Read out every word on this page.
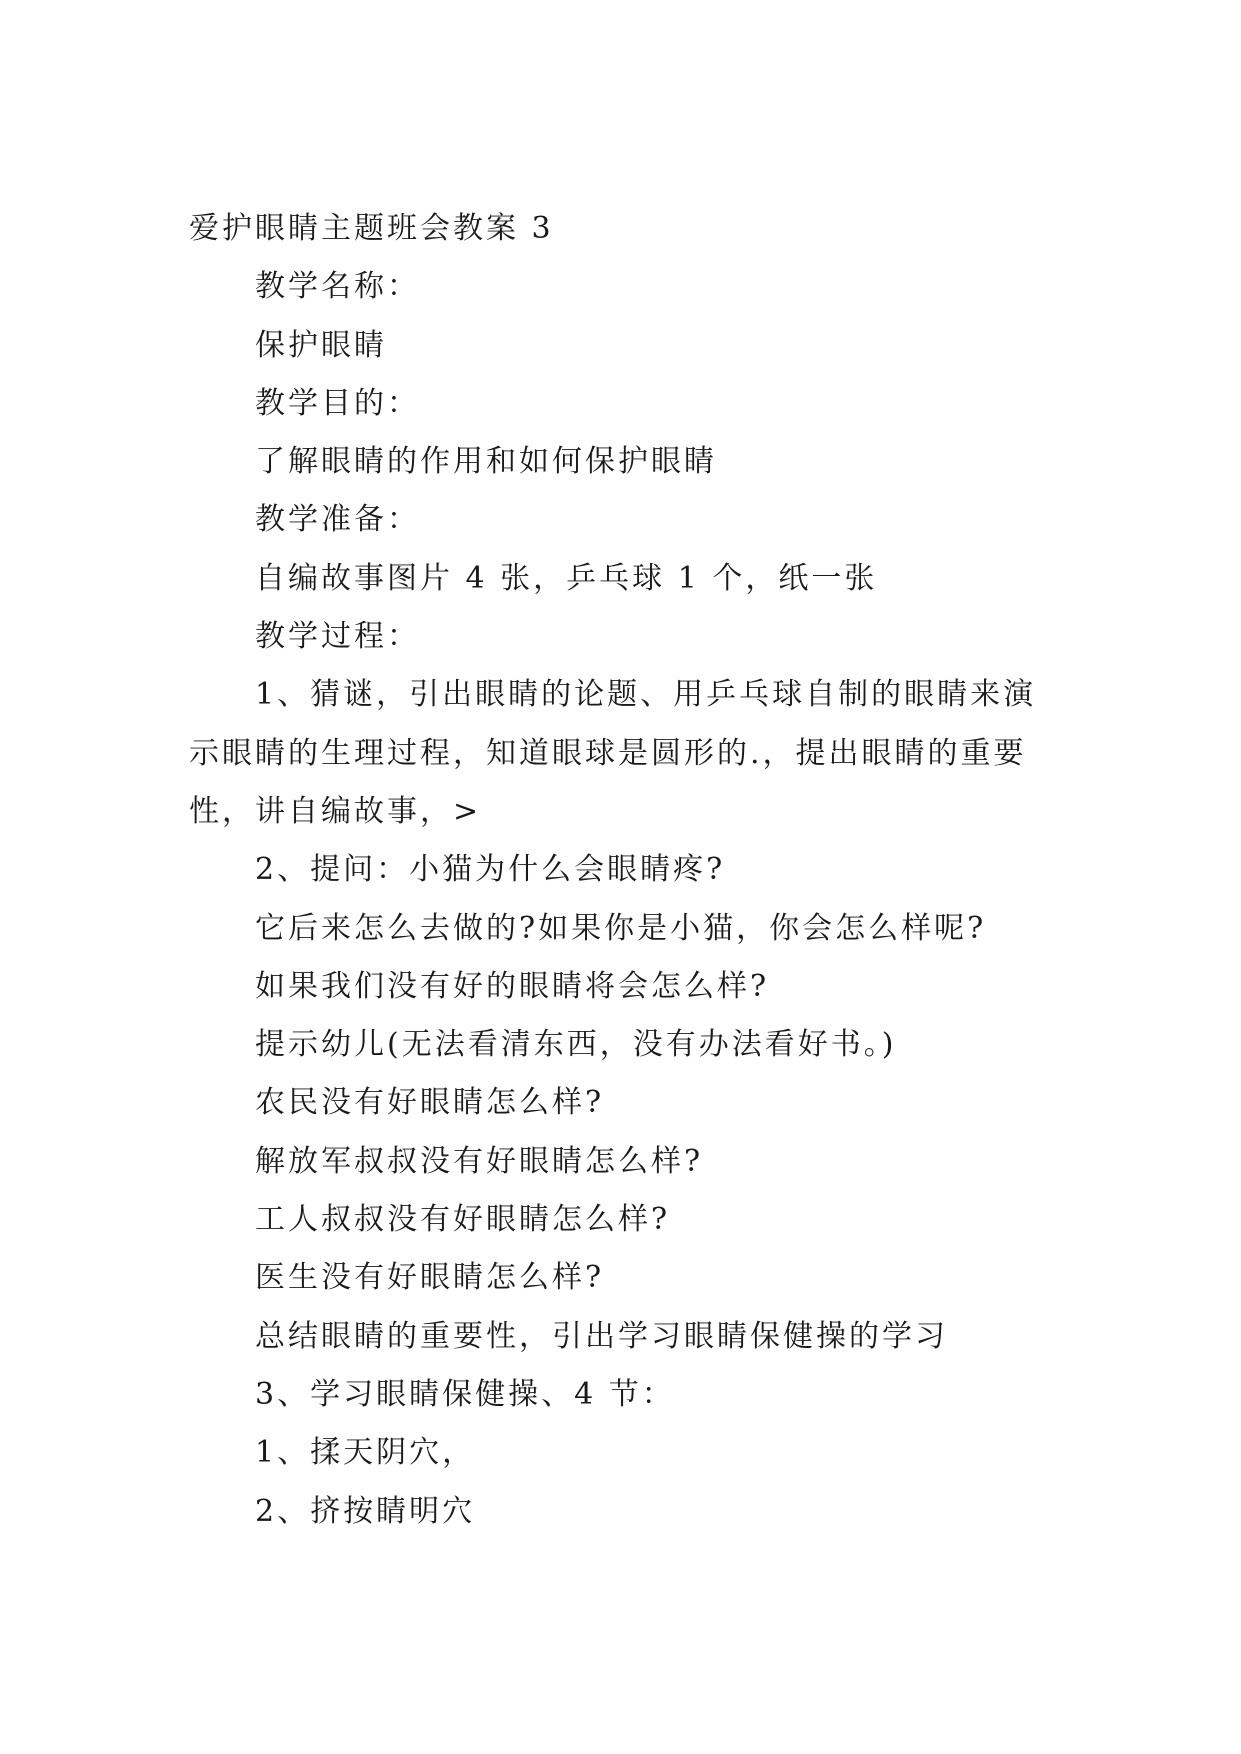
爱护眼睛主题班会教案 3
教学名称：
保护眼睛
教学目的：
了解眼睛的作用和如何保护眼睛
教学准备：
自编故事图片 4 张，乒乓球 1 个，纸一张
教学过程：
1、猜谜，引出眼睛的论题、用乒乓球自制的眼睛来演
示眼睛的生理过程，知道眼球是圆形的.，提出眼睛的重要
性，讲自编故事，>
2、提问：小猫为什么会眼睛疼?
它后来怎么去做的?如果你是小猫，你会怎么样呢?
如果我们没有好的眼睛将会怎么样?
提示幼儿(无法看清东西，没有办法看好书。)
农民没有好眼睛怎么样?
解放军叔叔没有好眼睛怎么样?
工人叔叔没有好眼睛怎么样?
医生没有好眼睛怎么样?
总结眼睛的重要性，引出学习眼睛保健操的学习
3、学习眼睛保健操、4 节：
1、揉天阴穴，
2、挤按睛明穴
